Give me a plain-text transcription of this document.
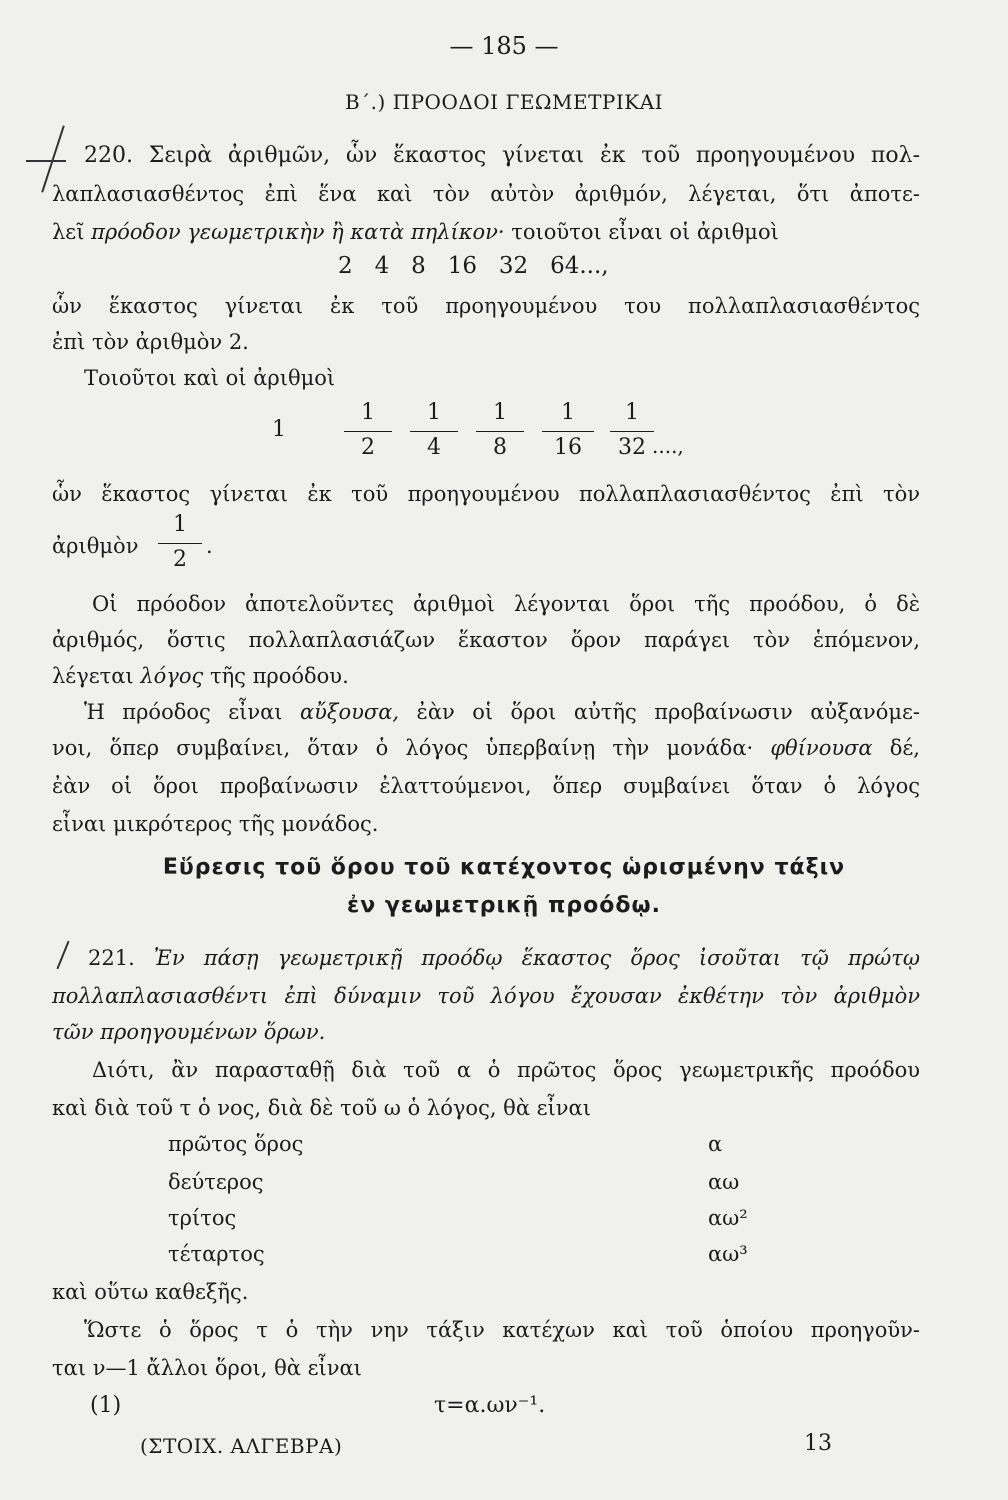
— 185 —
Β΄.) ΠΡΟΟΔΟΙ ΓΕΩΜΕΤΡΙΚΑΙ
220. Σειρὰ ἀριθμῶν, ὧν ἕκαστος γίνεται ἐκ τοῦ προηγουμένου πολ-
λαπλασιασθέντος ἐπὶ ἕνα καὶ τὸν αὐτὸν ἀριθμόν, λέγεται, ὅτι ἀποτε-
λεῖ πρόοδον γεωμετρικὴν ἢ κατὰ πηλίκον· τοιοῦτοι εἶναι οἱ ἀριθμοὶ
2   4   8   16   32   64...,
ὧν ἕκαστος γίνεται ἐκ τοῦ προηγουμένου του πολλαπλασιασθέντος
ἐπὶ τὸν ἀριθμὸν 2.
Τοιοῦτοι καὶ οἱ ἀριθμοὶ
1
1
2
1
4
1
8
1
16
1
32 ....,
ὧν ἕκαστος γίνεται ἐκ τοῦ προηγουμένου πολλαπλασιασθέντος ἐπὶ τὸν
ἀριθμὸν
1
2
.
Οἱ πρόοδον ἀποτελοῦντες ἀριθμοὶ λέγονται ὅροι τῆς προόδου, ὁ δὲ
ἀριθμός, ὅστις πολλαπλασιάζων ἕκαστον ὅρον παράγει τὸν ἑπόμενον,
λέγεται λόγος τῆς προόδου.
Ἡ πρόοδος εἶναι αὔξουσα, ἐὰν οἱ ὅροι αὐτῆς προβαίνωσιν αὐξανόμε-
νοι, ὅπερ συμβαίνει, ὅταν ὁ λόγος ὑπερβαίνῃ τὴν μονάδα· φθίνουσα δέ,
ἐὰν οἱ ὅροι προβαίνωσιν ἐλαττούμενοι, ὅπερ συμβαίνει ὅταν ὁ λόγος
εἶναι μικρότερος τῆς μονάδος.
Εὕρεσις τοῦ ὅρου τοῦ κατέχοντος ὡρισμένην τάξιν
ἐν γεωμετρικῇ προόδῳ.
221. Ἐν πάσῃ γεωμετρικῇ προόδῳ ἕκαστος ὅρος ἰσοῦται τῷ πρώτῳ
πολλαπλασιασθέντι ἐπὶ δύναμιν τοῦ λόγου ἔχουσαν ἐκθέτην τὸν ἀριθμὸν
τῶν προηγουμένων ὅρων.
Διότι, ἂν παρασταθῇ διὰ τοῦ α ὁ πρῶτος ὅρος γεωμετρικῆς προόδου
καὶ διὰ τοῦ τ ὁ νος, διὰ δὲ τοῦ ω ὁ λόγος, θὰ εἶναι
πρῶτος ὅρος	α
δεύτερος	αω
τρίτος	αω²
τέταρτος	αω³
καὶ οὕτω καθεξῆς.
Ὥστε ὁ ὅρος τ ὁ τὴν νην τάξιν κατέχων καὶ τοῦ ὁποίου προηγοῦν-
ται ν—1 ἄλλοι ὅροι, θὰ εἶναι
(1)	τ=α.ων⁻¹.
(ΣΤΟΙΧ. ΑΛΓΕΒΡΑ)	13
